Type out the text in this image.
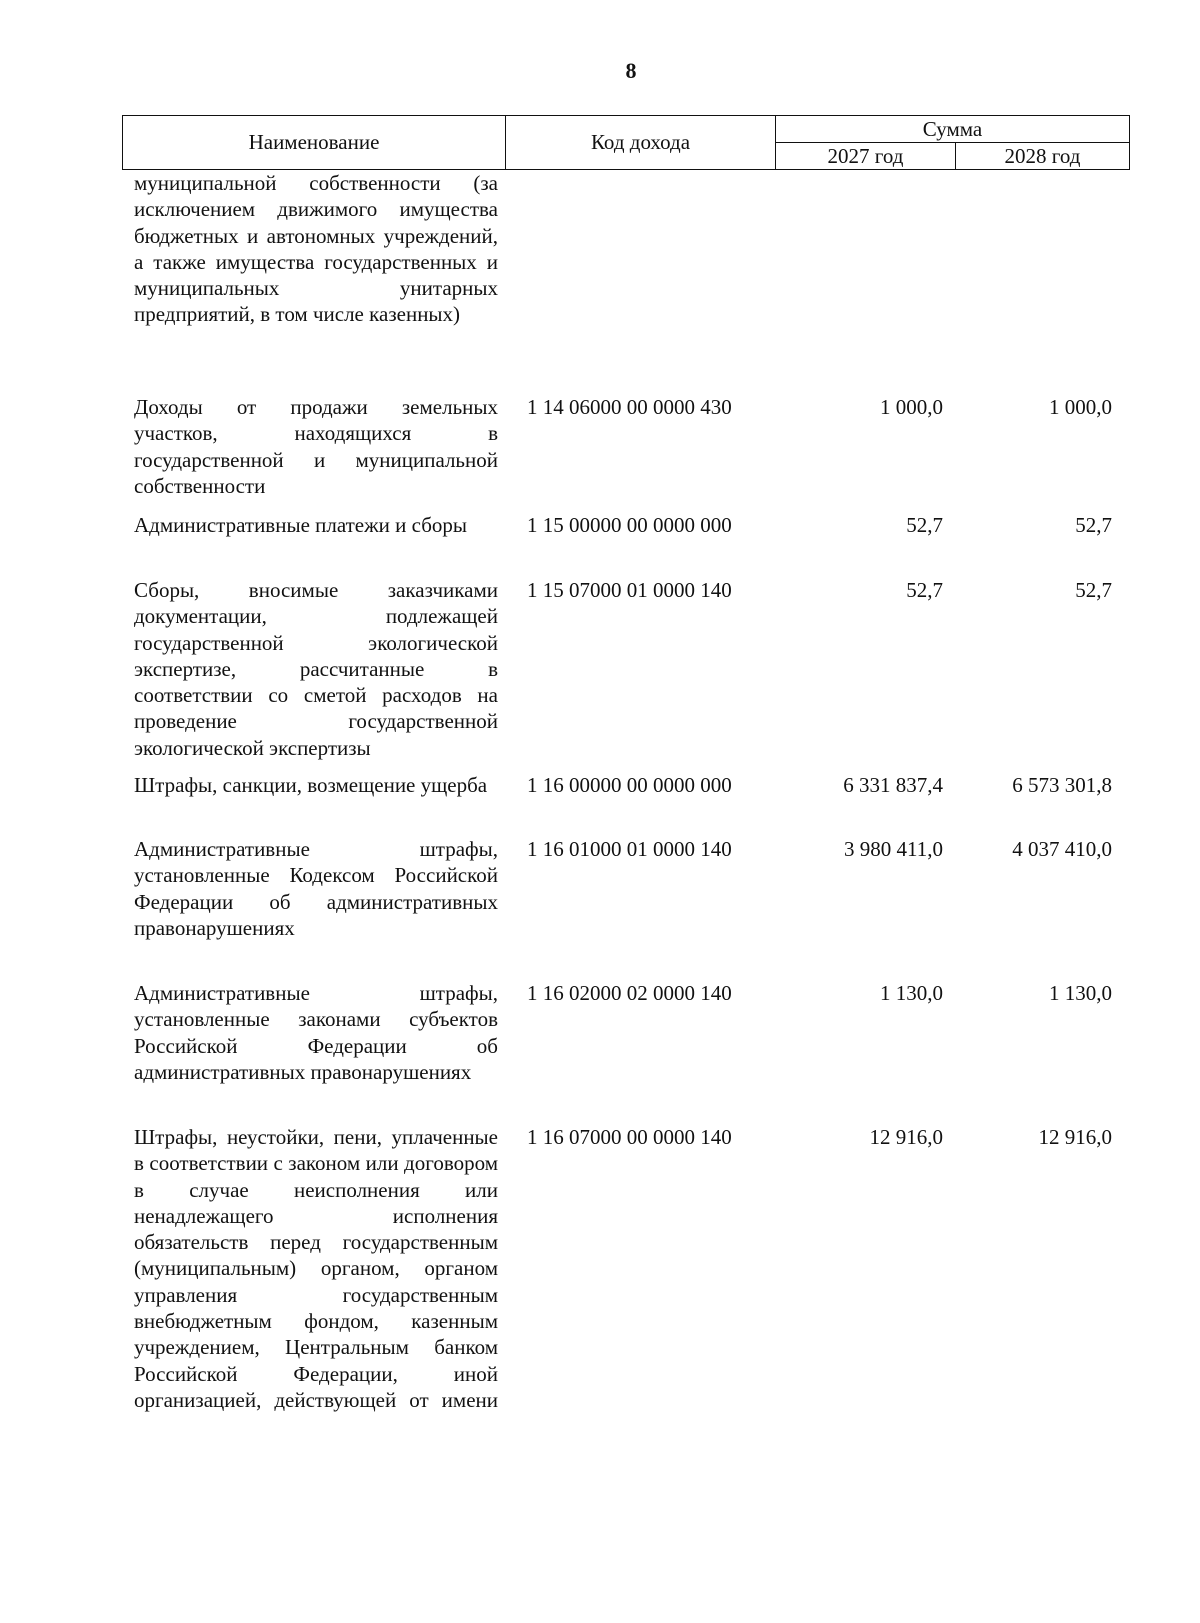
8
Наименование	Код дохода
Сумма
2027 год	2028 год
муниципальной собственности (за исключением движимого имущества бюджетных и автономных учреждений, а также имущества государственных и муниципальных унитарных предприятий, в том числе казенных)
Доходы от продажи земельных участков, находящихся в государственной и муниципальной собственности
1 14 06000 00 0000 430	1 000,0	1 000,0
Административные платежи и сборы	1 15 00000 00 0000 000	52,7	52,7
Сборы, вносимые заказчиками документации, подлежащей государственной экологической экспертизе, рассчитанные в соответствии со сметой расходов на проведение государственной экологической экспертизы
1 15 07000 01 0000 140	52,7	52,7
Штрафы, санкции, возмещение ущерба	1 16 00000 00 0000 000	6 331 837,4	6 573 301,8
Административные штрафы, установленные Кодексом Российской Федерации об административных правонарушениях
1 16 01000 01 0000 140	3 980 411,0	4 037 410,0
Административные штрафы, установленные законами субъектов Российской Федерации об административных правонарушениях
1 16 02000 02 0000 140	1 130,0	1 130,0
Штрафы, неустойки, пени, уплаченные в соответствии с законом или договором в случае неисполнения или ненадлежащего исполнения обязательств перед государственным (муниципальным) органом, органом управления государственным внебюджетным фондом, казенным учреждением, Центральным банком Российской Федерации, иной организацией, действующей от имени
1 16 07000 00 0000 140	12 916,0	12 916,0
